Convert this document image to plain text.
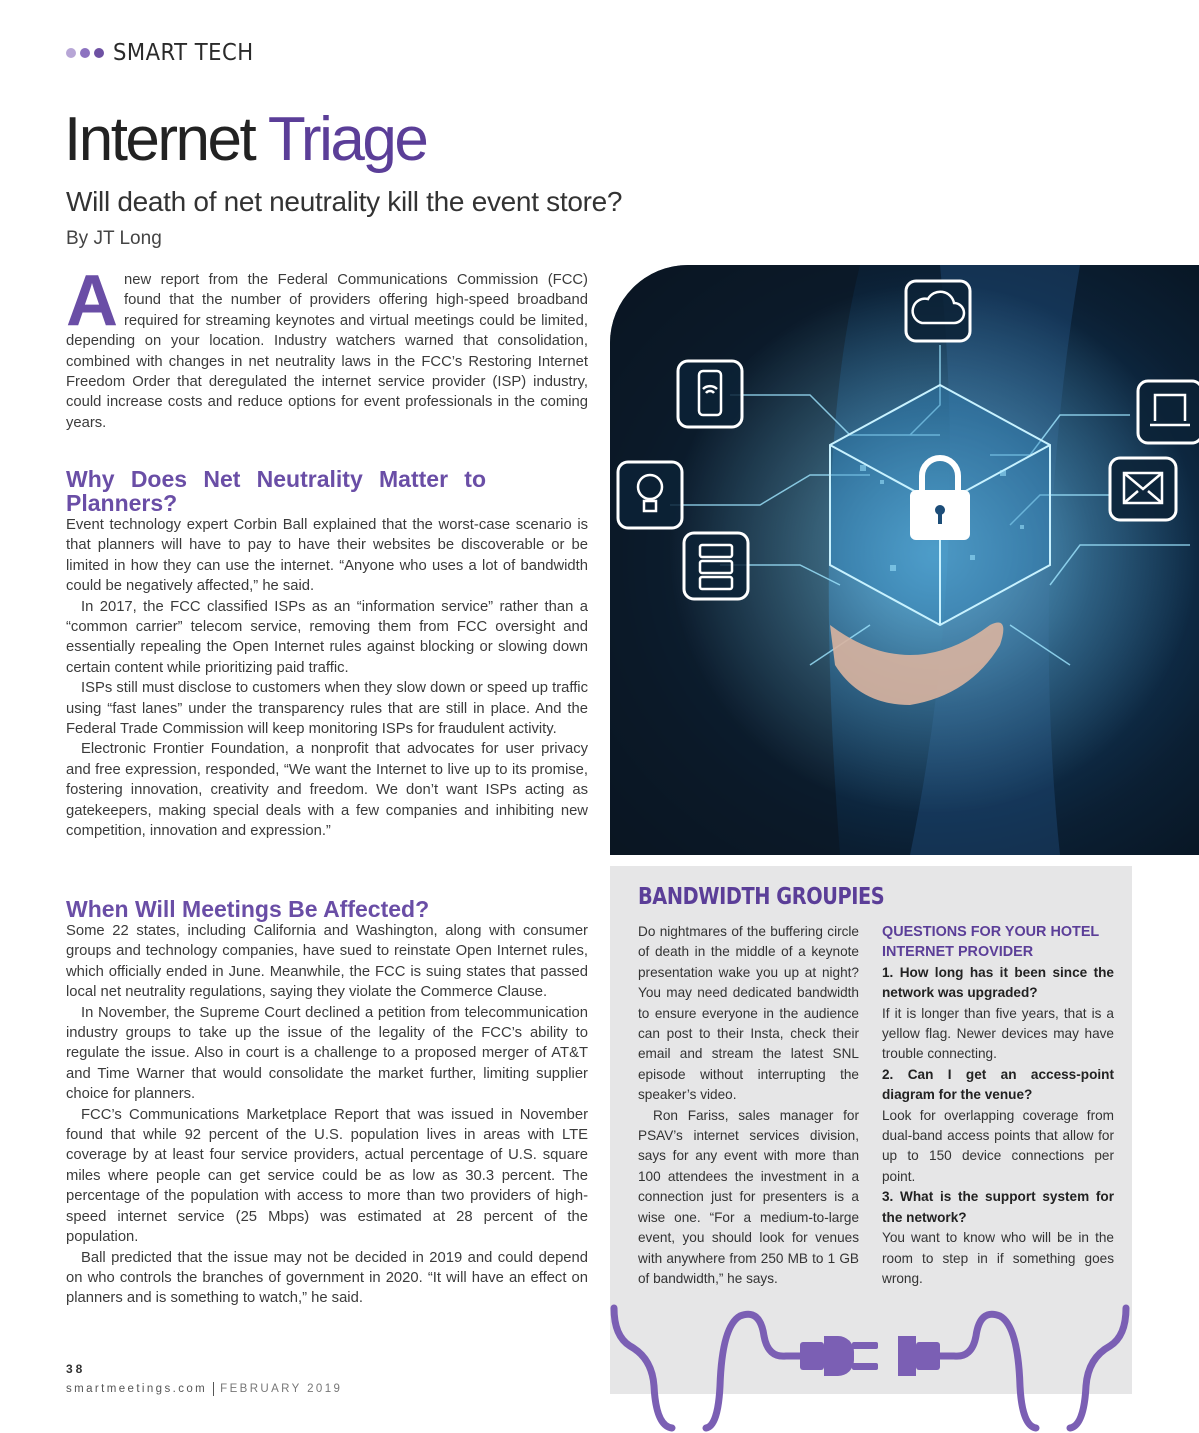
SMART TECH
Internet Triage
Will death of net neutrality kill the event store?
By JT Long

Anew report from the Federal Communications Commission (FCC) found that the number of providers offering high-speed broadband required for streaming keynotes and virtual meetings could be limited, depending on your location. Industry watchers warned that consolidation, combined with changes in net neutrality laws in the FCC’s Restoring Internet Freedom Order that deregulated the internet service provider (ISP) industry, could increase costs and reduce options for event professionals in the coming years.

Why Does Net Neutrality Matter to Planners?

Event technology expert Corbin Ball explained that the worst-case scenario is that planners will have to pay to have their websites be discoverable or be limited in how they can use the internet. “Anyone who uses a lot of bandwidth could be negatively affected,” he said.

In 2017, the FCC classified ISPs as an “information service” rather than a “common carrier” telecom service, removing them from FCC oversight and essentially repealing the Open Internet rules against blocking or slowing down certain content while prioritizing paid traffic.

ISPs still must disclose to customers when they slow down or speed up traffic using “fast lanes” under the transparency rules that are still in place. And the Federal Trade Commission will keep monitoring ISPs for fraudulent activity.

Electronic Frontier Foundation, a nonprofit that advocates for user privacy and free expression, responded, “We want the Internet to live up to its promise, fostering innovation, creativity and freedom. We don’t want ISPs acting as gatekeepers, making special deals with a few companies and inhibiting new competition, innovation and expression.”

When Will Meetings Be Affected?

Some 22 states, including California and Washington, along with consumer groups and technology companies, have sued to reinstate Open Internet rules, which officially ended in June. Meanwhile, the FCC is suing states that passed local net neutrality regulations, saying they violate the Commerce Clause.

In November, the Supreme Court declined a petition from telecommunication industry groups to take up the issue of the legality of the FCC’s ability to regulate the issue. Also in court is a challenge to a proposed merger of AT&T and Time Warner that would consolidate the market further, limiting supplier choice for planners.

FCC’s Communications Marketplace Report that was issued in November found that while 92 percent of the U.S. population lives in areas with LTE coverage by at least four service providers, actual percentage of U.S. square miles where people can get service could be as low as 30.3 percent. The percentage of the population with access to more than two providers of high-speed internet service (25 Mbps) was estimated at 28 percent of the population.

Ball predicted that the issue may not be decided in 2019 and could depend on who controls the branches of government in 2020. “It will have an effect on planners and is something to watch,” he said.

BANDWIDTH GROUPIES

Do nightmares of the buffering circle of death in the middle of a keynote presentation wake you up at night? You may need dedicated bandwidth to ensure everyone in the audience can post to their Insta, check their email and stream the latest SNL episode without interrupting the speaker’s video.

Ron Fariss, sales manager for PSAV’s internet services division, says for any event with more than 100 attendees the investment in a connection just for presenters is a wise one. “For a medium-to-large event, you should look for venues with anywhere from 250 MB to 1 GB of bandwidth,” he says.

QUESTIONS FOR YOUR HOTEL INTERNET PROVIDER

1. How long has it been since the network was upgraded?

If it is longer than five years, that is a yellow flag. Newer devices may have trouble connecting.

2. Can I get an access-point diagram for the venue?

Look for overlapping coverage from dual-band access points that allow for up to 150 device connections per point.

3. What is the support system for the network?

You want to know who will be in the room to step in if something goes wrong.

38
smartmeetings.com FEBRUARY 2019
